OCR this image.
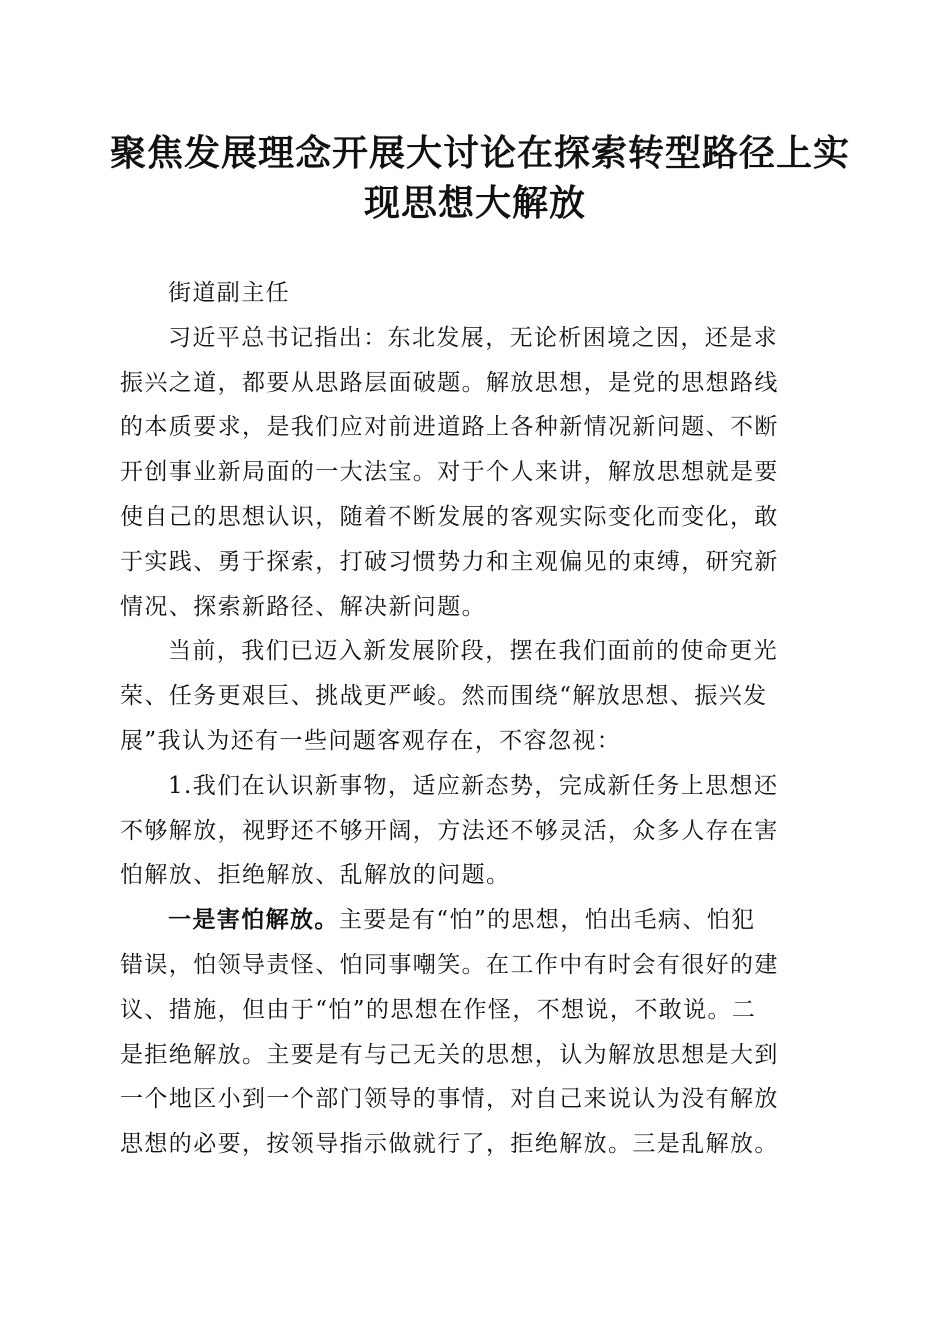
聚焦发展理念开展大讨论在探索转型路径上实
现思想大解放
街道副主任
习近平总书记指出：东北发展，无论析困境之因，还是求
振兴之道，都要从思路层面破题。解放思想，是党的思想路线
的本质要求，是我们应对前进道路上各种新情况新问题、不断
开创事业新局面的一大法宝。对于个人来讲，解放思想就是要
使自己的思想认识，随着不断发展的客观实际变化而变化，敢
于实践、勇于探索，打破习惯势力和主观偏见的束缚，研究新
情况、探索新路径、解决新问题。
当前，我们已迈入新发展阶段，摆在我们面前的使命更光
荣、任务更艰巨、挑战更严峻。然而围绕“解放思想、振兴发
展”我认为还有一些问题客观存在，不容忽视：
1.我们在认识新事物，适应新态势，完成新任务上思想还
不够解放，视野还不够开阔，方法还不够灵活，众多人存在害
怕解放、拒绝解放、乱解放的问题。
一是害怕解放。主要是有“怕”的思想，怕出毛病、怕犯
错误，怕领导责怪、怕同事嘲笑。在工作中有时会有很好的建
议、措施，但由于“怕”的思想在作怪，不想说，不敢说。二
是拒绝解放。主要是有与己无关的思想，认为解放思想是大到
一个地区小到一个部门领导的事情，对自己来说认为没有解放
思想的必要，按领导指示做就行了，拒绝解放。三是乱解放。
